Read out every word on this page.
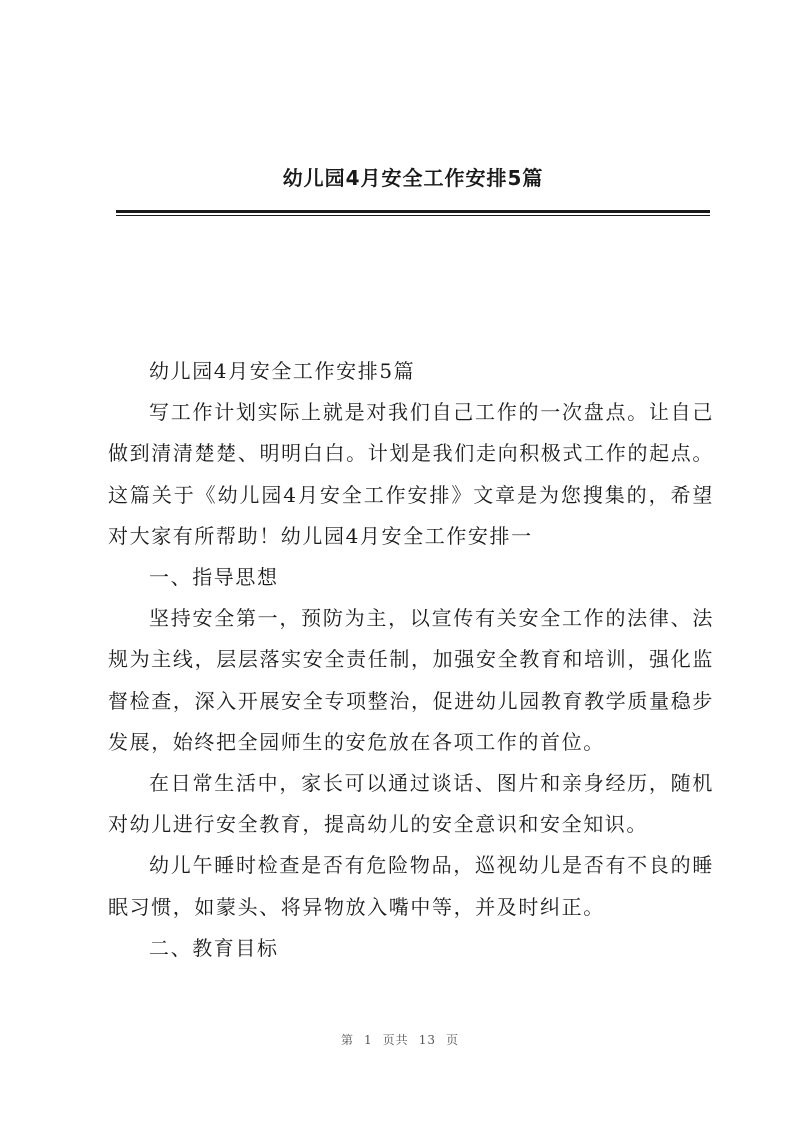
幼儿园4月安全工作安排5篇

幼儿园4月安全工作安排5篇

写工作计划实际上就是对我们自己工作的一次盘点。让自己做到清清楚楚、明明白白。计划是我们走向积极式工作的起点。这篇关于《幼儿园4月安全工作安排》文章是为您搜集的，希望对大家有所帮助！幼儿园4月安全工作安排一

一、指导思想

坚持安全第一，预防为主，以宣传有关安全工作的法律、法规为主线，层层落实安全责任制，加强安全教育和培训，强化监督检查，深入开展安全专项整治，促进幼儿园教育教学质量稳步发展，始终把全园师生的安危放在各项工作的首位。

在日常生活中，家长可以通过谈话、图片和亲身经历，随机对幼儿进行安全教育，提高幼儿的安全意识和安全知识。

幼儿午睡时检查是否有危险物品，巡视幼儿是否有不良的睡眠习惯，如蒙头、将异物放入嘴中等，并及时纠正。

二、教育目标

第 1 页共 13 页
